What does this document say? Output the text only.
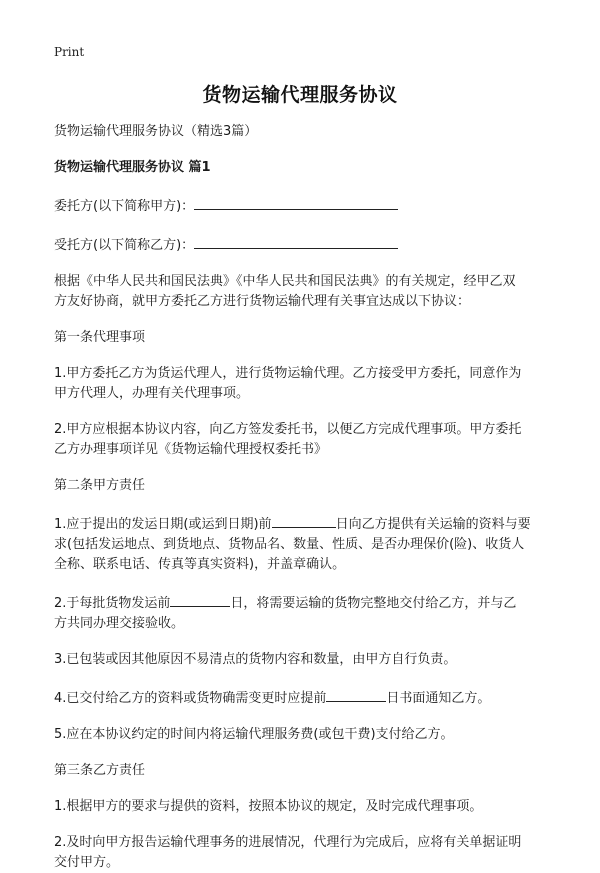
Print
货物运输代理服务协议

货物运输代理服务协议（精选3篇）

货物运输代理服务协议 篇1

委托方(以下简称甲方)：

受托方(以下简称乙方)：

根据《中华人民共和国民法典》《中华人民共和国民法典》的有关规定，经甲乙双

方友好协商，就甲方委托乙方进行货物运输代理有关事宜达成以下协议：

第一条代理事项

1.甲方委托乙方为货运代理人，进行货物运输代理。乙方接受甲方委托，同意作为

甲方代理人，办理有关代理事项。

2.甲方应根据本协议内容，向乙方签发委托书，以便乙方完成代理事项。甲方委托

乙方办理事项详见《货物运输代理授权委托书》

第二条甲方责任

1.应于提出的发运日期(或运到日期)前	日向乙方提供有关运输的资料与要

求(包括发运地点、到货地点、货物品名、数量、性质、是否办理保价(险)、收货人

全称、联系电话、传真等真实资料)，并盖章确认。

2.于每批货物发运前	日，将需要运输的货物完整地交付给乙方，并与乙

方共同办理交接验收。

3.已包装或因其他原因不易清点的货物内容和数量，由甲方自行负责。

4.已交付给乙方的资料或货物确需变更时应提前	日书面通知乙方。

5.应在本协议约定的时间内将运输代理服务费(或包干费)支付给乙方。

第三条乙方责任

1.根据甲方的要求与提供的资料，按照本协议的规定，及时完成代理事项。

2.及时向甲方报告运输代理事务的进展情况，代理行为完成后，应将有关单据证明

交付甲方。
